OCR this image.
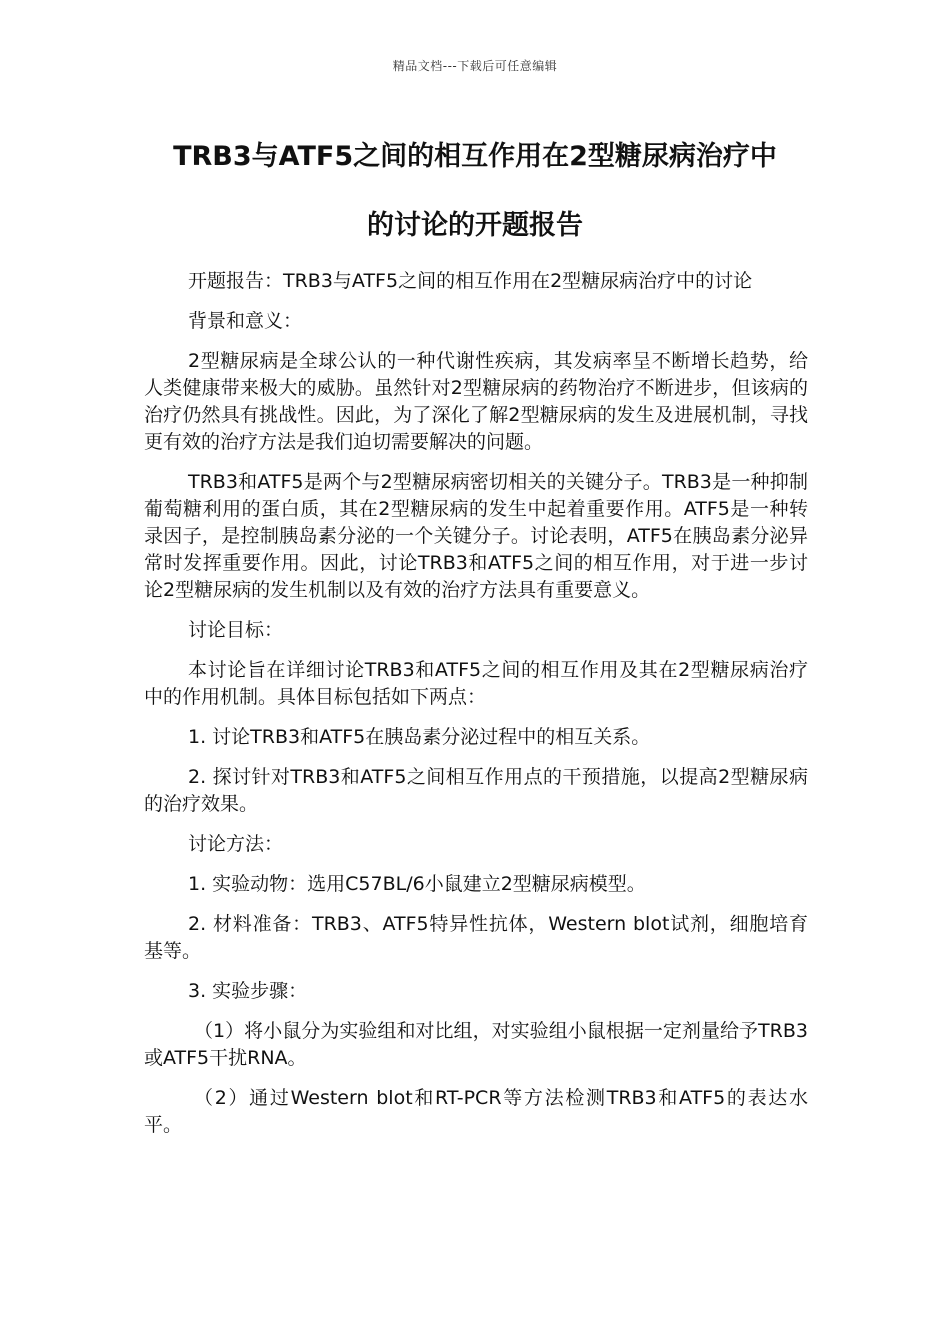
精品文档---下载后可任意编辑
TRB3与ATF5之间的相互作用在2型糖尿病治疗中
的讨论的开题报告

开题报告：TRB3与ATF5之间的相互作用在2型糖尿病治疗中的讨论

背景和意义：

2型糖尿病是全球公认的一种代谢性疾病，其发病率呈不断增长趋势，给人类健康带来极大的威胁。虽然针对2型糖尿病的药物治疗不断进步，但该病的治疗仍然具有挑战性。因此，为了深化了解2型糖尿病的发生及进展机制，寻找更有效的治疗方法是我们迫切需要解决的问题。

TRB3和ATF5是两个与2型糖尿病密切相关的关键分子。TRB3是一种抑制葡萄糖利用的蛋白质，其在2型糖尿病的发生中起着重要作用。ATF5是一种转录因子，是控制胰岛素分泌的一个关键分子。讨论表明，ATF5在胰岛素分泌异常时发挥重要作用。因此，讨论TRB3和ATF5之间的相互作用，对于进一步讨论2型糖尿病的发生机制以及有效的治疗方法具有重要意义。

讨论目标：

本讨论旨在详细讨论TRB3和ATF5之间的相互作用及其在2型糖尿病治疗中的作用机制。具体目标包括如下两点：

1. 讨论TRB3和ATF5在胰岛素分泌过程中的相互关系。

2. 探讨针对TRB3和ATF5之间相互作用点的干预措施，以提高2型糖尿病的治疗效果。

讨论方法：

1. 实验动物：选用C57BL/6小鼠建立2型糖尿病模型。

2. 材料准备：TRB3、ATF5特异性抗体，Western blot试剂，细胞培育基等。

3. 实验步骤：

（1）将小鼠分为实验组和对比组，对实验组小鼠根据一定剂量给予TRB3或ATF5干扰RNA。

（2）通过Western blot和RT-PCR等方法检测TRB3和ATF5的表达水平。
